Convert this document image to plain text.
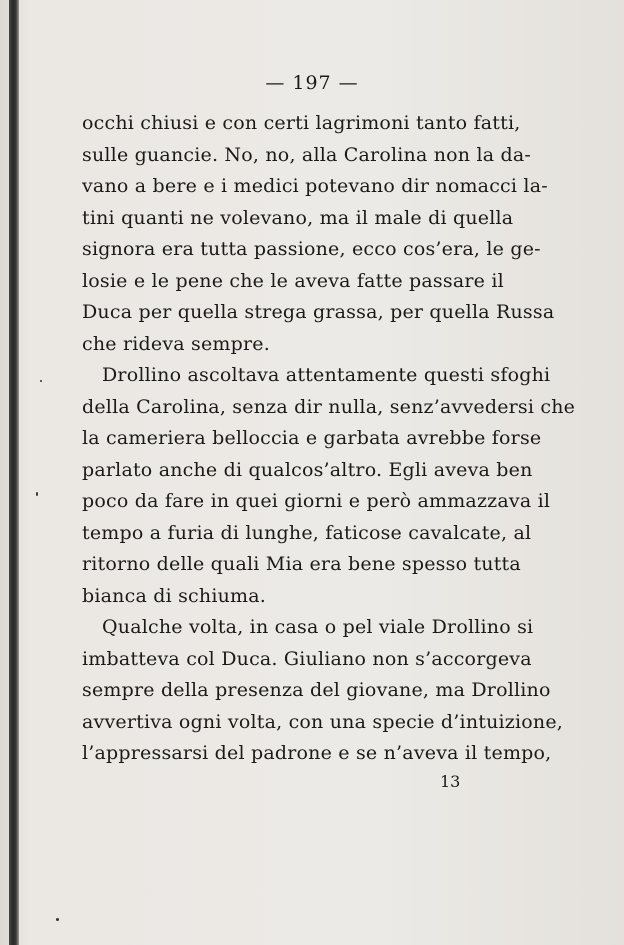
— 197 —
occhi chiusi e con certi lagrimoni tanto fatti,
sulle guancie. No, no, alla Carolina non la da-
vano a bere e i medici potevano dir nomacci la-
tini quanti ne volevano, ma il male di quella
signora era tutta passione, ecco cos’era, le ge-
losie e le pene che le aveva fatte passare il
Duca per quella strega grassa, per quella Russa
che rideva sempre.
Drollino ascoltava attentamente questi sfoghi
della Carolina, senza dir nulla, senz’avvedersi che
la cameriera belloccia e garbata avrebbe forse
parlato anche di qualcos’altro. Egli aveva ben
poco da fare in quei giorni e però ammazzava il
tempo a furia di lunghe, faticose cavalcate, al
ritorno delle quali Mia era bene spesso tutta
bianca di schiuma.
Qualche volta, in casa o pel viale Drollino si
imbatteva col Duca. Giuliano non s’accorgeva
sempre della presenza del giovane, ma Drollino
avvertiva ogni volta, con una specie d’intuizione,
l’appressarsi del padrone e se n’aveva il tempo,
13
